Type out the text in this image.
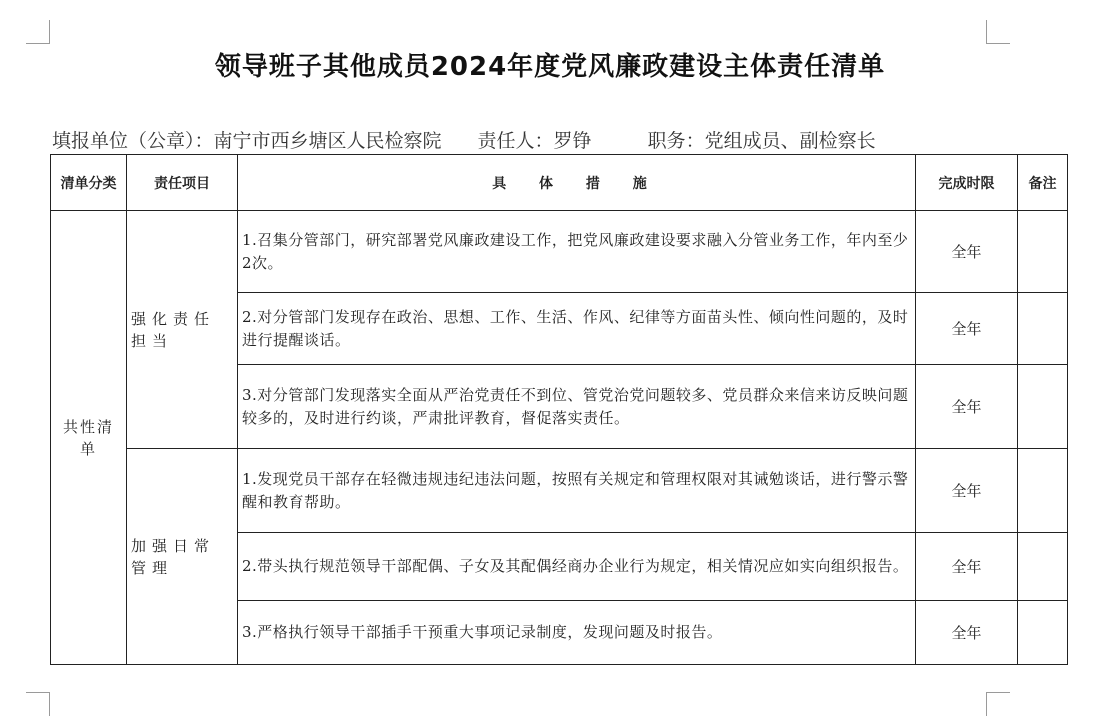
领导班子其他成员2024年度党风廉政建设主体责任清单
填报单位（公章）：南宁市西乡塘区人民检察院 责任人：罗铮	职务：党组成员、副检察长
清单分类	责任项目	具 体 措 施	完成时限	备注
共性清单	强化责任担当	1.召集分管部门，研究部署党风廉政建设工作，把党风廉政建设要求融入分管业务工作，年内至少2次。	全年	
		2.对分管部门发现存在政治、思想、工作、生活、作风、纪律等方面苗头性、倾向性问题的，及时进行提醒谈话。	全年	
		3.对分管部门发现落实全面从严治党责任不到位、管党治党问题较多、党员群众来信来访反映问题较多的，及时进行约谈，严肃批评教育，督促落实责任。	全年	
	加强日常管理	1.发现党员干部存在轻微违规违纪违法问题，按照有关规定和管理权限对其诫勉谈话，进行警示警醒和教育帮助。	全年	
		2.带头执行规范领导干部配偶、子女及其配偶经商办企业行为规定，相关情况应如实向组织报告。	全年	
		3.严格执行领导干部插手干预重大事项记录制度，发现问题及时报告。	全年	
